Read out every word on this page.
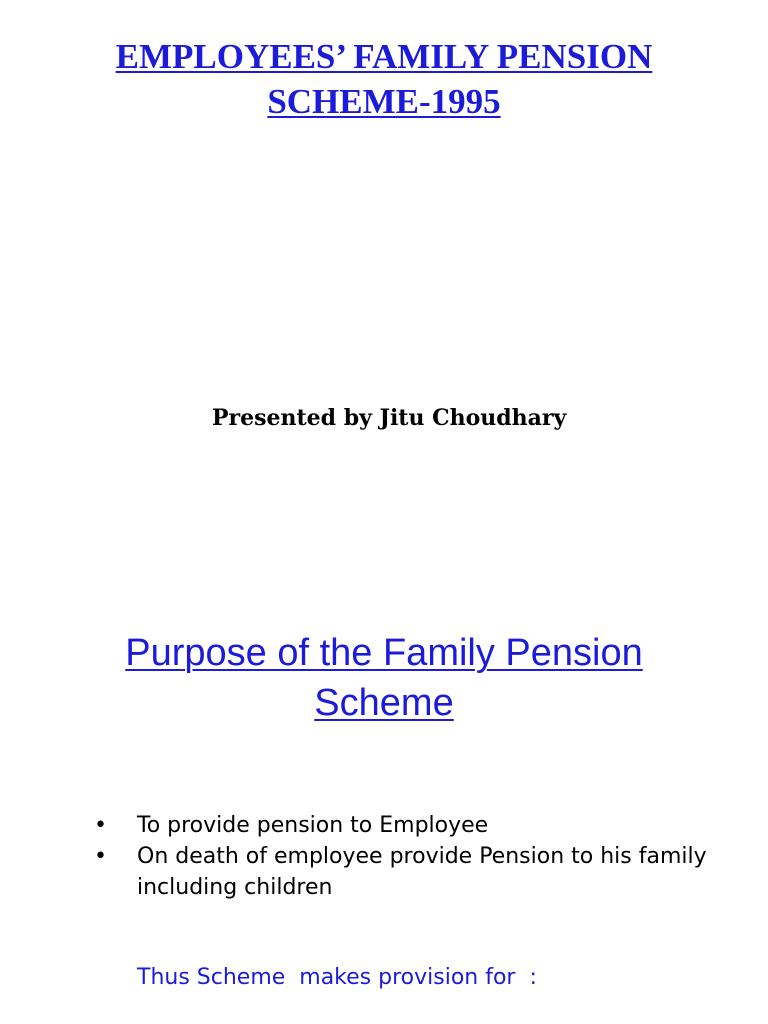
EMPLOYEES’ FAMILY PENSION
SCHEME-1995
Presented by Jitu Choudhary
Purpose of the Family Pension
Scheme
• To provide pension to Employee
• On death of employee provide Pension to his family including children
Thus Scheme  makes provision for  :
